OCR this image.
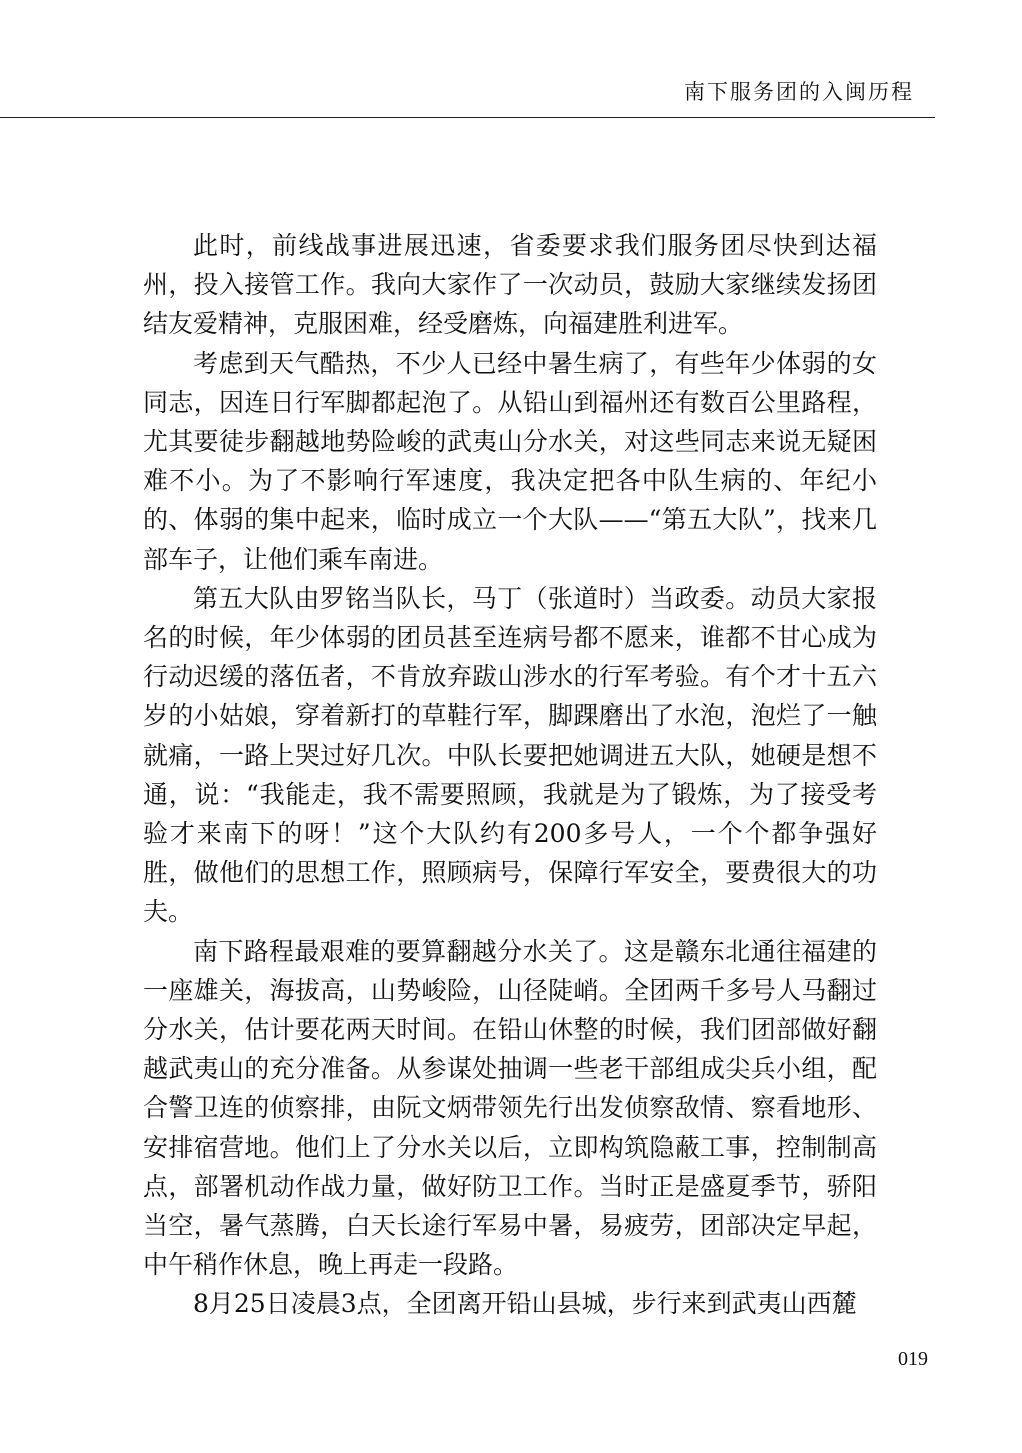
南下服务团的入闽历程

此时，前线战事进展迅速，省委要求我们服务团尽快到达福州，投入接管工作。我向大家作了一次动员，鼓励大家继续发扬团结友爱精神，克服困难，经受磨炼，向福建胜利进军。

考虑到天气酷热，不少人已经中暑生病了，有些年少体弱的女同志，因连日行军脚都起泡了。从铅山到福州还有数百公里路程，尤其要徒步翻越地势险峻的武夷山分水关，对这些同志来说无疑困难不小。为了不影响行军速度，我决定把各中队生病的、年纪小的、体弱的集中起来，临时成立一个大队——“第五大队”，找来几部车子，让他们乘车南进。

第五大队由罗铭当队长，马丁（张道时）当政委。动员大家报名的时候，年少体弱的团员甚至连病号都不愿来，谁都不甘心成为行动迟缓的落伍者，不肯放弃跋山涉水的行军考验。有个才十五六岁的小姑娘，穿着新打的草鞋行军，脚踝磨出了水泡，泡烂了一触就痛，一路上哭过好几次。中队长要把她调进五大队，她硬是想不通，说：“我能走，我不需要照顾，我就是为了锻炼，为了接受考验才来南下的呀！”这个大队约有200多号人，一个个都争强好胜，做他们的思想工作，照顾病号，保障行军安全，要费很大的功夫。

南下路程最艰难的要算翻越分水关了。这是赣东北通往福建的一座雄关，海拔高，山势峻险，山径陡峭。全团两千多号人马翻过分水关，估计要花两天时间。在铅山休整的时候，我们团部做好翻越武夷山的充分准备。从参谋处抽调一些老干部组成尖兵小组，配合警卫连的侦察排，由阮文炳带领先行出发侦察敌情、察看地形、安排宿营地。他们上了分水关以后，立即构筑隐蔽工事，控制制高点，部署机动作战力量，做好防卫工作。当时正是盛夏季节，骄阳当空，暑气蒸腾，白天长途行军易中暑，易疲劳，团部决定早起，中午稍作休息，晚上再走一段路。

8月25日凌晨3点，全团离开铅山县城，步行来到武夷山西麓

019
